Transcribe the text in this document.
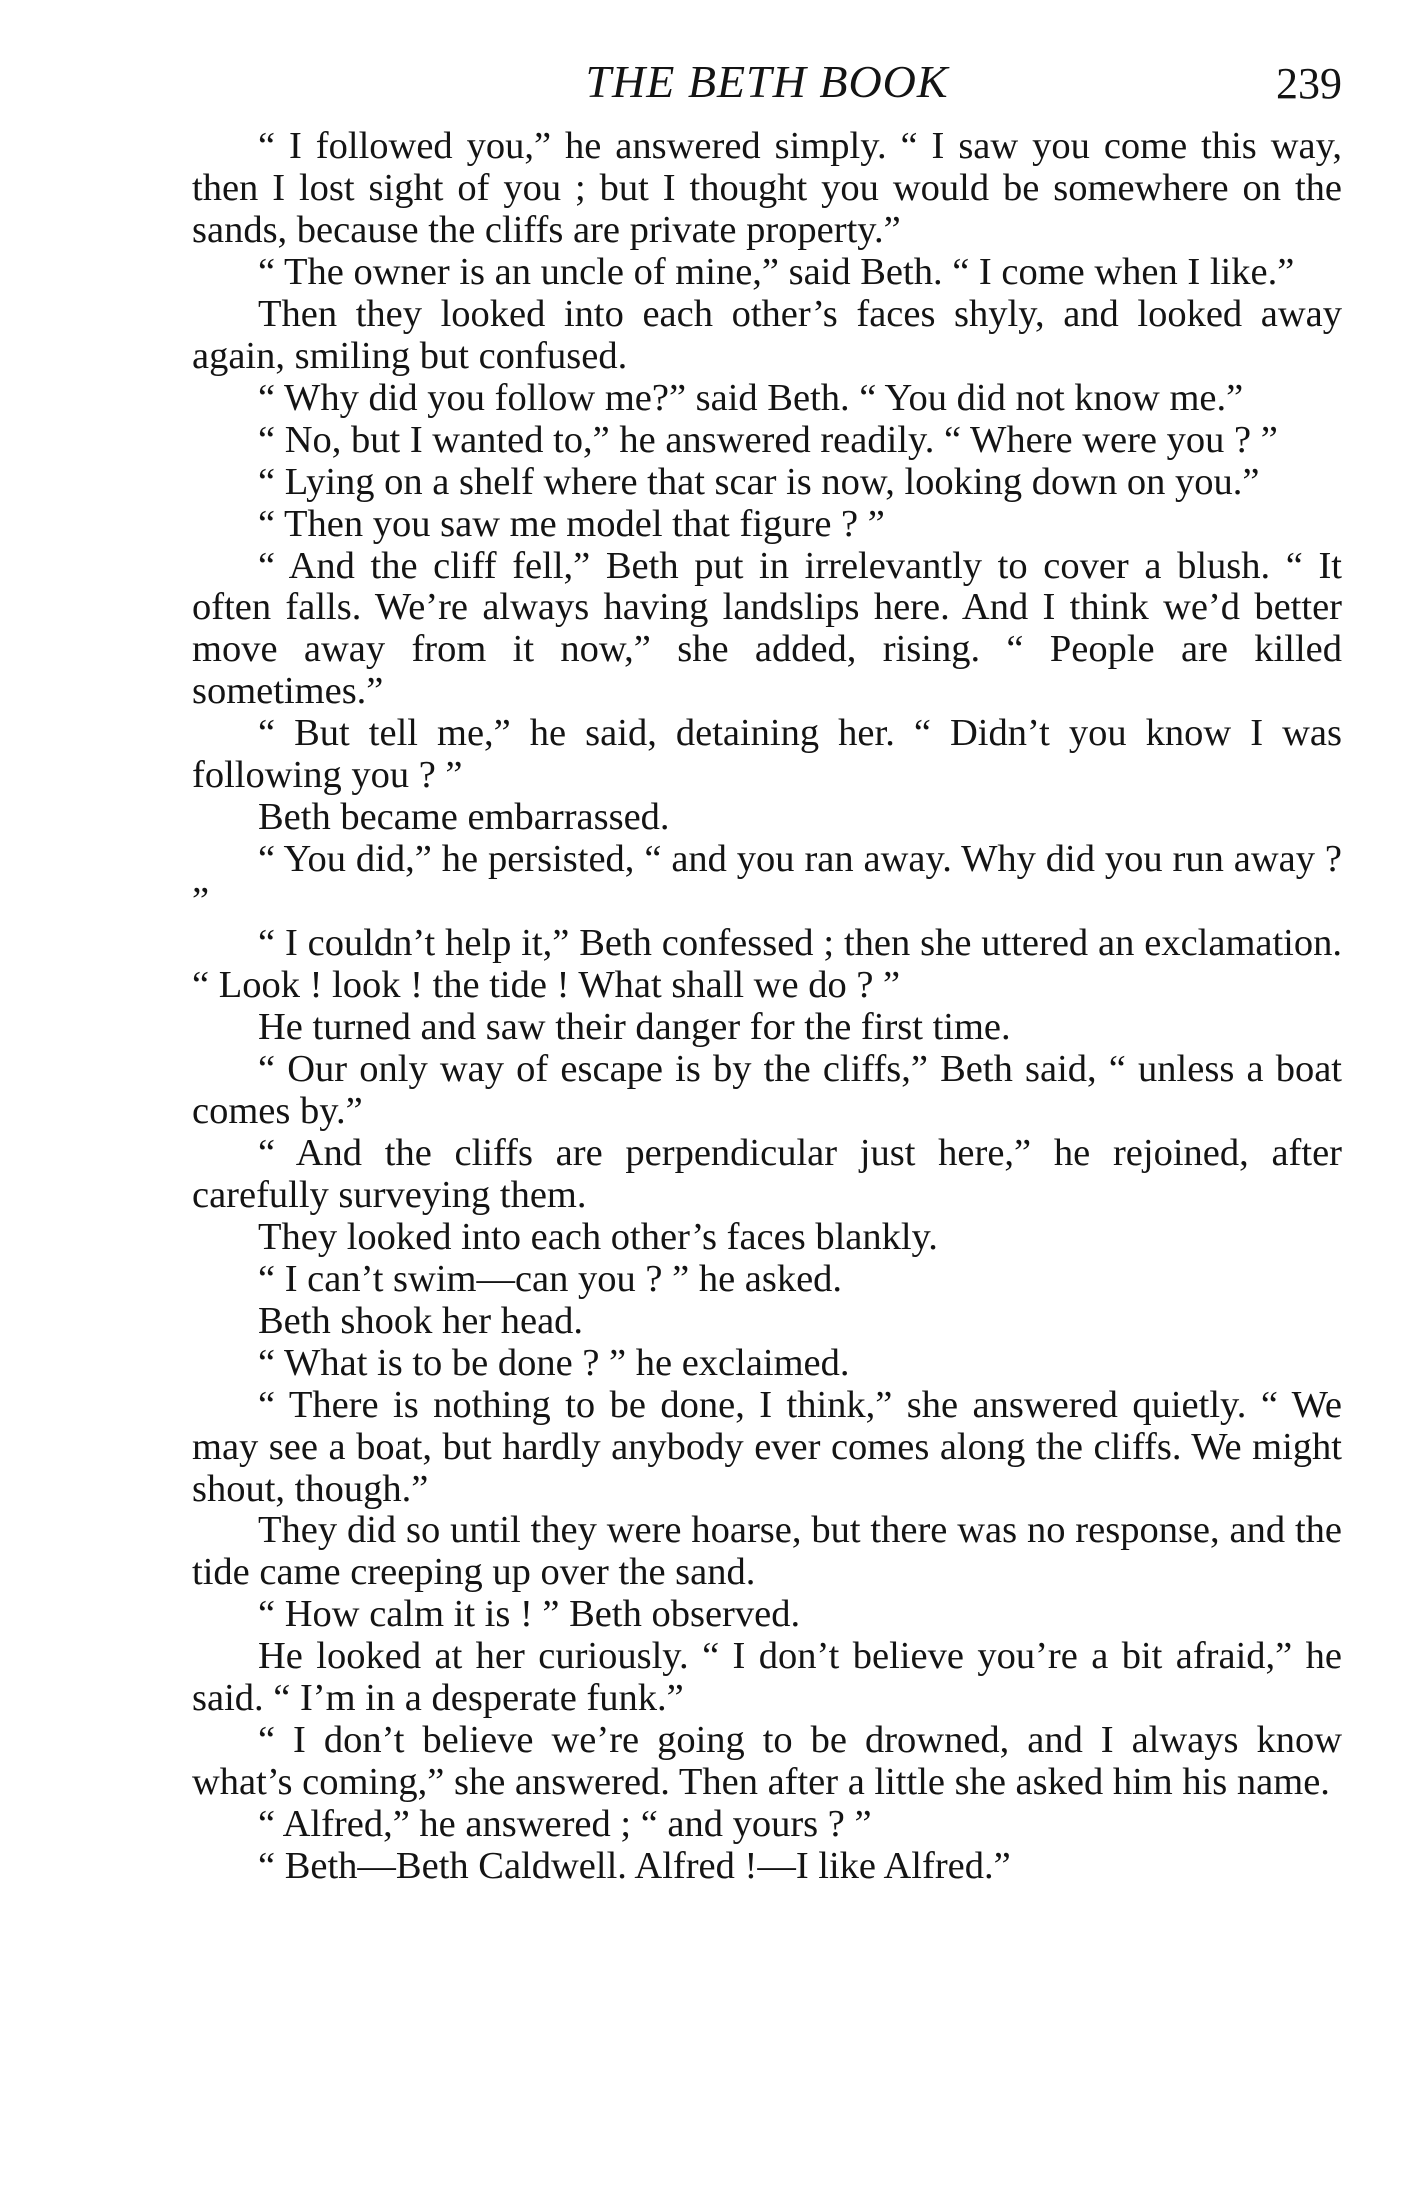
THE BETH BOOK	239

“ I followed you,” he answered simply. “ I saw you come this way, then I lost sight of you ; but I thought you would be somewhere on the sands, because the cliffs are private property.”

“ The owner is an uncle of mine,” said Beth. “ I come when I like.”

Then they looked into each other’s faces shyly, and looked away again, smiling but confused.

“ Why did you follow me?” said Beth. “ You did not know me.”

“ No, but I wanted to,” he answered readily. “ Where were you ? ”

“ Lying on a shelf where that scar is now, looking down on you.”

“ Then you saw me model that figure ? ”

“ And the cliff fell,” Beth put in irrelevantly to cover a blush. “ It often falls. We’re always having landslips here. And I think we’d better move away from it now,” she added, rising. “ People are killed sometimes.”

“ But tell me,” he said, detaining her. “ Didn’t you know I was following you ? ”

Beth became embarrassed.

“ You did,” he persisted, “ and you ran away. Why did you run away ? ”

“ I couldn’t help it,” Beth confessed ; then she uttered an exclamation. “ Look ! look ! the tide ! What shall we do ? ”

He turned and saw their danger for the first time.

“ Our only way of escape is by the cliffs,” Beth said, “ unless a boat comes by.”

“ And the cliffs are perpendicular just here,” he rejoined, after carefully surveying them.

They looked into each other’s faces blankly.

“ I can’t swim—can you ? ” he asked.

Beth shook her head.

“ What is to be done ? ” he exclaimed.

“ There is nothing to be done, I think,” she answered quietly. “ We may see a boat, but hardly anybody ever comes along the cliffs. We might shout, though.”

They did so until they were hoarse, but there was no response, and the tide came creeping up over the sand.

“ How calm it is ! ” Beth observed.

He looked at her curiously. “ I don’t believe you’re a bit afraid,” he said. “ I’m in a desperate funk.”

“ I don’t believe we’re going to be drowned, and I always know what’s coming,” she answered. Then after a little she asked him his name.

“ Alfred,” he answered ; “ and yours ? ”

“ Beth—Beth Caldwell. Alfred !—I like Alfred.”
